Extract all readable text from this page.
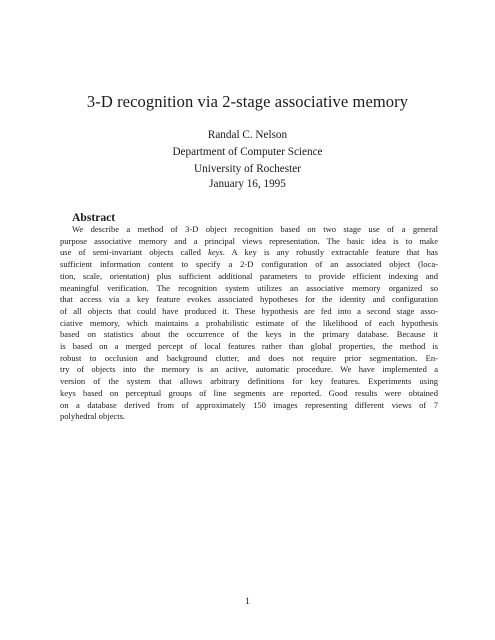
3-D recognition via 2-stage associative memory
Randal C. Nelson
Department of Computer Science
University of Rochester
January 16, 1995
Abstract
We describe a method of 3-D object recognition based on two stage use of a general
purpose associative memory and a principal views representation. The basic idea is to make
use of semi-invariant objects called keys. A key is any robustly extractable feature that has
sufficient information content to specify a 2-D configuration of an associated object (loca-
tion, scale, orientation) plus sufficient additional parameters to provide efficient indexing and
meaningful verification. The recognition system utilizes an associative memory organized so
that access via a key feature evokes associated hypotheses for the identity and configuration
of all objects that could have produced it. These hypothesis are fed into a second stage asso-
ciative memory, which maintains a probabilistic estimate of the likelihood of each hypothesis
based on statistics about the occurrence of the keys in the primary database. Because it
is based on a merged percept of local features rather than global properties, the method is
robust to occlusion and background clutter, and does not require prior segmentation. En-
try of objects into the memory is an active, automatic procedure. We have implemented a
version of the system that allows arbitrary definitions for key features. Experiments using
keys based on perceptual groups of line segments are reported. Good results were obtained
on a database derived from of approximately 150 images representing different views of 7
polyhedral objects.
1
